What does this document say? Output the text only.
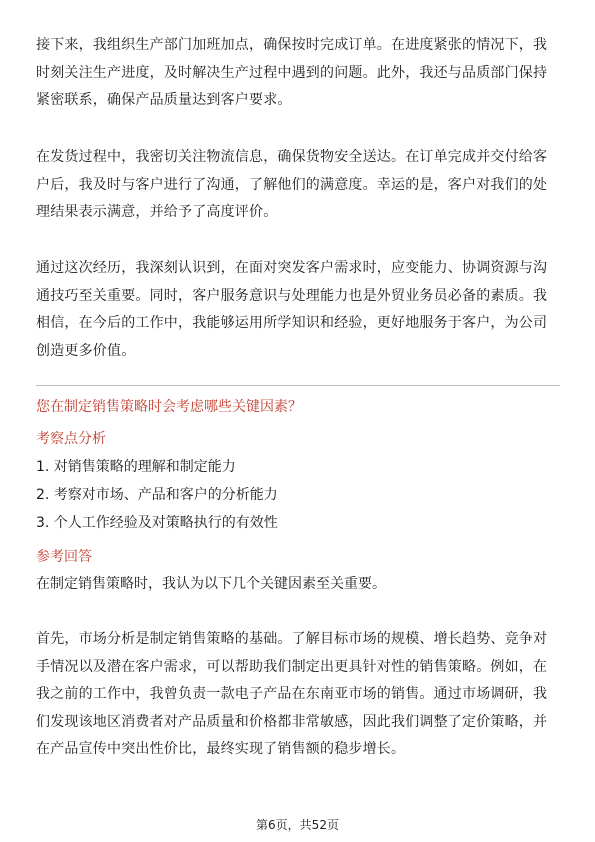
接下来，我组织生产部门加班加点，确保按时完成订单。在进度紧张的情况下，我时刻关注生产进度，及时解决生产过程中遇到的问题。此外，我还与品质部门保持紧密联系，确保产品质量达到客户要求。

在发货过程中，我密切关注物流信息，确保货物安全送达。在订单完成并交付给客户后，我及时与客户进行了沟通，了解他们的满意度。幸运的是，客户对我们的处理结果表示满意，并给予了高度评价。

通过这次经历，我深刻认识到，在面对突发客户需求时，应变能力、协调资源与沟通技巧至关重要。同时，客户服务意识与处理能力也是外贸业务员必备的素质。我相信，在今后的工作中，我能够运用所学知识和经验，更好地服务于客户，为公司创造更多价值。

您在制定销售策略时会考虑哪些关键因素？

考察点分析

1. 对销售策略的理解和制定能力

2. 考察对市场、产品和客户的分析能力

3. 个人工作经验及对策略执行的有效性

参考回答

在制定销售策略时，我认为以下几个关键因素至关重要。

首先，市场分析是制定销售策略的基础。了解目标市场的规模、增长趋势、竞争对手情况以及潜在客户需求，可以帮助我们制定出更具针对性的销售策略。例如，在我之前的工作中，我曾负责一款电子产品在东南亚市场的销售。通过市场调研，我们发现该地区消费者对产品质量和价格都非常敏感，因此我们调整了定价策略，并在产品宣传中突出性价比，最终实现了销售额的稳步增长。

第6页，共52页
